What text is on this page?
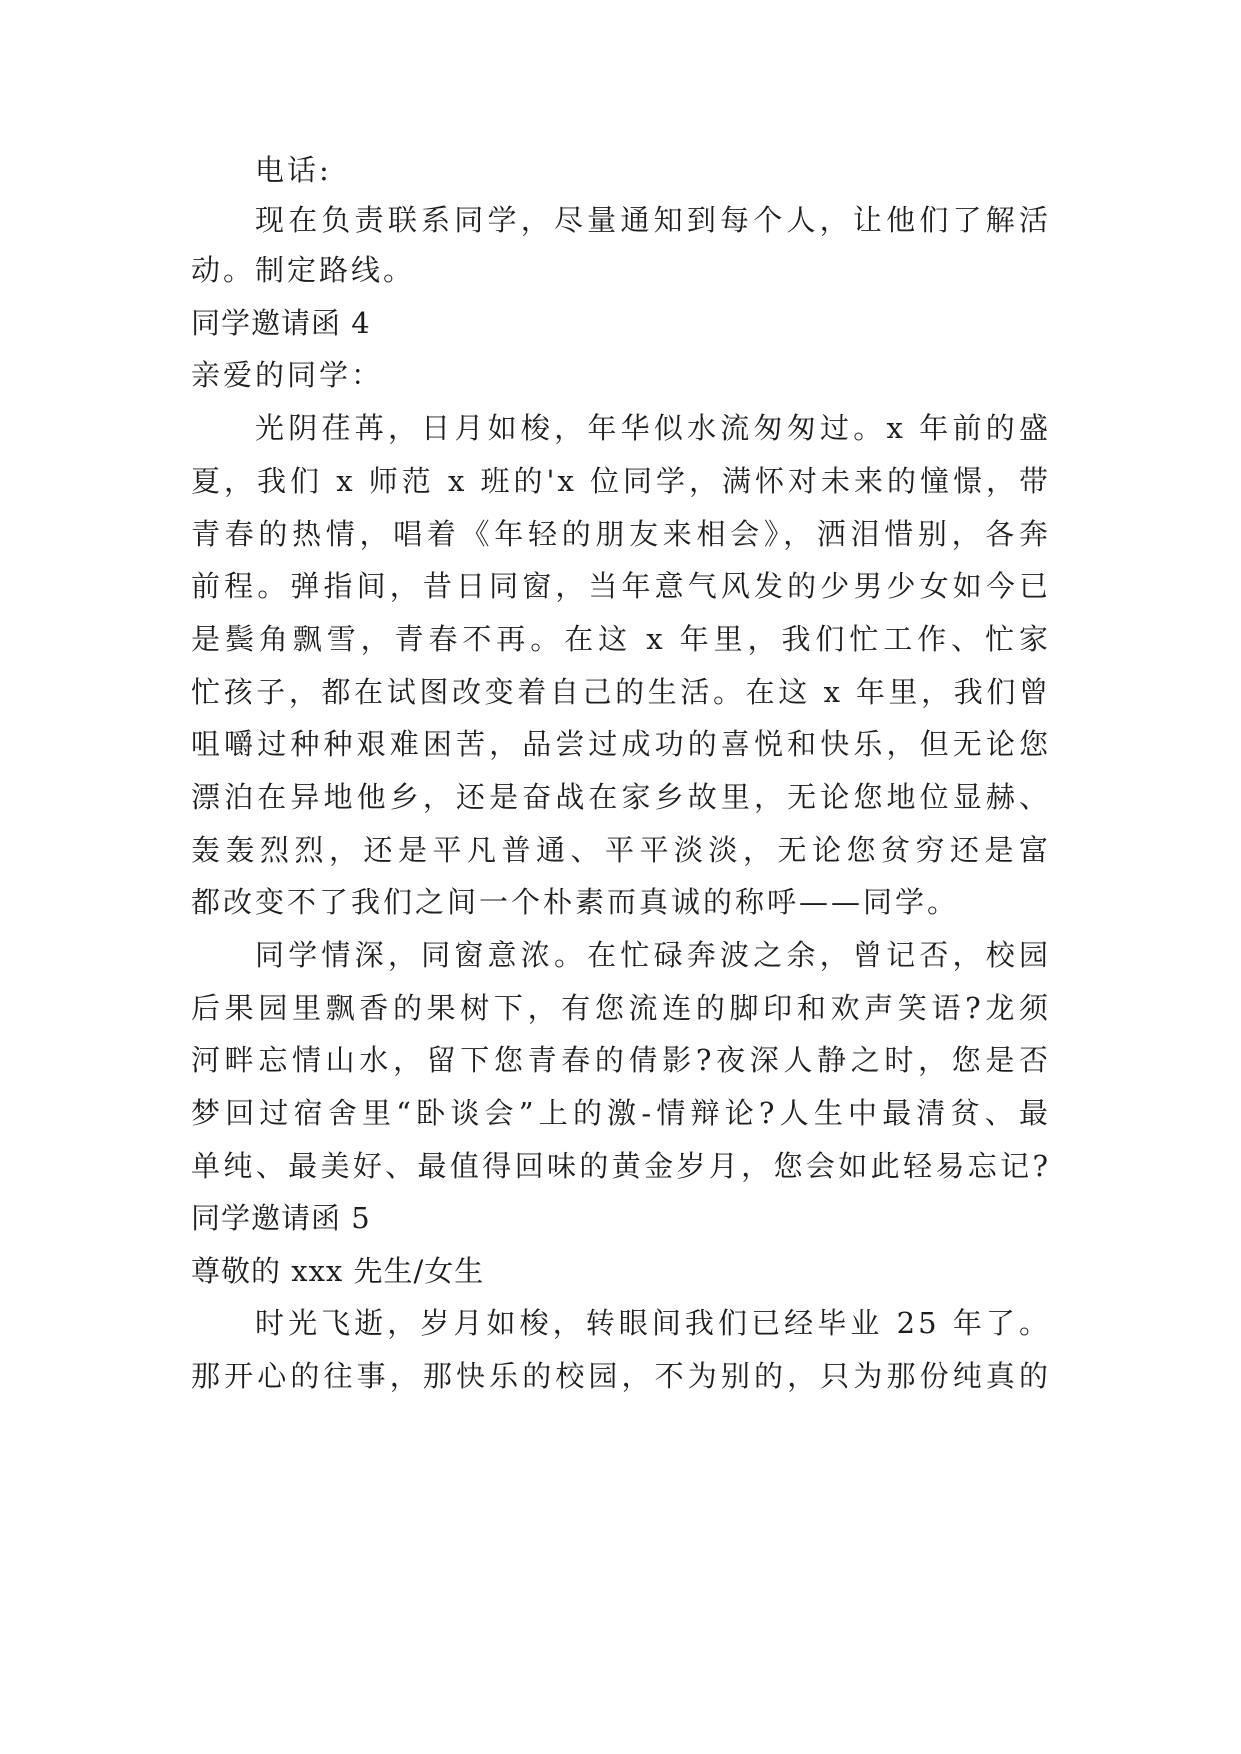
电话:
现在负责联系同学，尽量通知到每个人，让他们了解活
动。制定路线。
同学邀请函 4
亲爱的同学：
光阴荏苒，日月如梭，年华似水流匆匆过。x 年前的盛
夏，我们 x 师范 x 班的'x 位同学，满怀对未来的憧憬，带
青春的热情，唱着《年轻的朋友来相会》，洒泪惜别，各奔
前程。弹指间，昔日同窗，当年意气风发的少男少女如今已
是鬓角飘雪，青春不再。在这 x 年里，我们忙工作、忙家
忙孩子，都在试图改变着自己的生活。在这 x 年里，我们曾
咀嚼过种种艰难困苦，品尝过成功的喜悦和快乐，但无论您
漂泊在异地他乡，还是奋战在家乡故里，无论您地位显赫、
轰轰烈烈，还是平凡普通、平平淡淡，无论您贫穷还是富
都改变不了我们之间一个朴素而真诚的称呼——同学。
同学情深，同窗意浓。在忙碌奔波之余，曾记否，校园
后果园里飘香的果树下，有您流连的脚印和欢声笑语?龙须
河畔忘情山水，留下您青春的倩影?夜深人静之时，您是否
梦回过宿舍里“卧谈会”上的激-情辩论?人生中最清贫、最
单纯、最美好、最值得回味的黄金岁月，您会如此轻易忘记?
同学邀请函 5
尊敬的 xxx 先生/女生
时光飞逝，岁月如梭，转眼间我们已经毕业 25 年了。
那开心的往事，那快乐的校园，不为别的，只为那份纯真的
